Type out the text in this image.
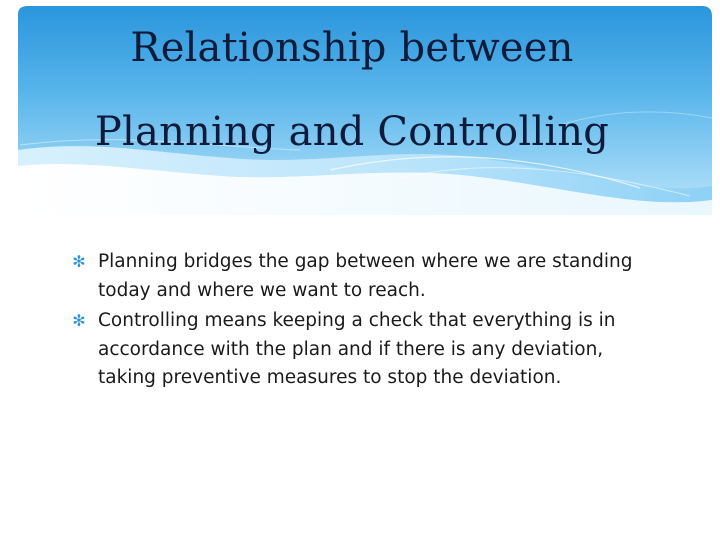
Relationship between
Planning and Controlling
✻ Planning bridges the gap between where we are standing today and where we want to reach.
✻ Controlling means keeping a check that everything is in accordance with the plan and if there is any deviation, taking preventive measures to stop the deviation.
